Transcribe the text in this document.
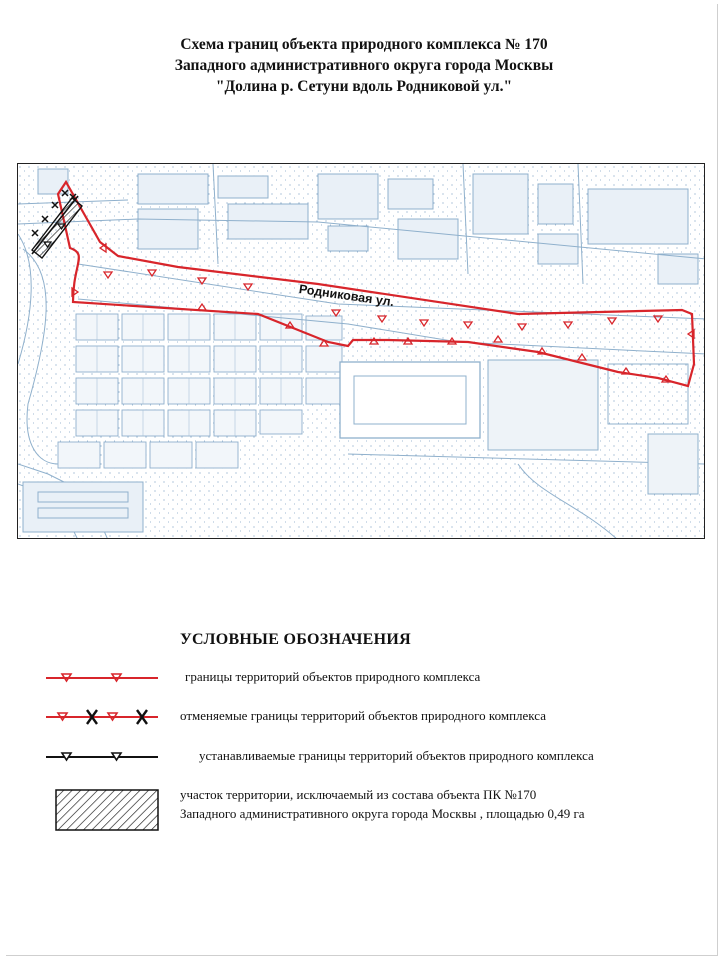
Схема границ объекта природного комплекса № 170
Западного административного округа города Москвы
"Долина р. Сетуни вдоль Родниковой ул."
Родниковая ул.
УСЛОВНЫЕ ОБОЗНАЧЕНИЯ
границы территорий объектов природного комплекса
отменяемые границы территорий объектов природного комплекса
устанавливаемые границы территорий объектов природного комплекса
участок территории, исключаемый из состава объекта ПК №170
Западного административного округа города Москвы , площадью 0,49 га
